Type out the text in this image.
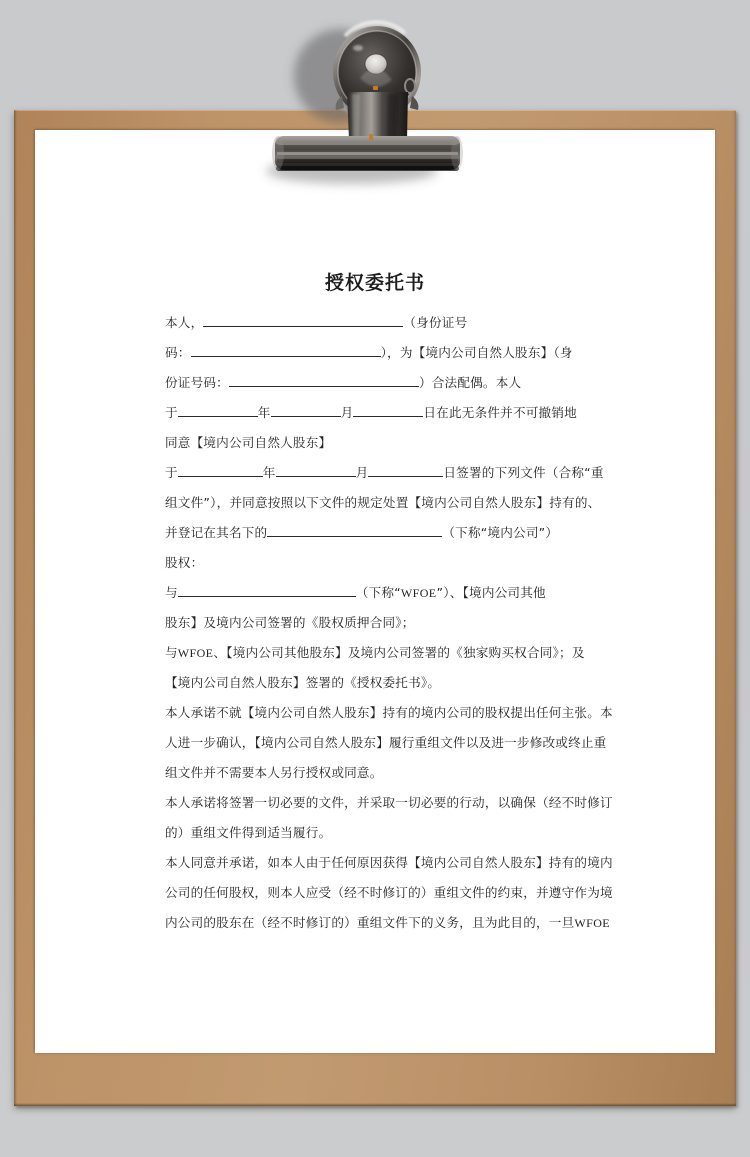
授权委托书
本人，	（身份证号
码：	），为【境内公司自然人股东】（身
份证号码：	）合法配偶。本人
于	年	月	日在此无条件并不可撤销地
同意【境内公司自然人股东】
于	年	月	日签署的下列文件（合称“重
组文件”），并同意按照以下文件的规定处置【境内公司自然人股东】持有的、
并登记在其名下的	（下称“境内公司”）
股权：
与	（下称“WFOE”）、【境内公司其他
股东】及境内公司签署的《股权质押合同》；
与WFOE、【境内公司其他股东】及境内公司签署的《独家购买权合同》；及
【境内公司自然人股东】签署的《授权委托书》。
本人承诺不就【境内公司自然人股东】持有的境内公司的股权提出任何主张。本
人进一步确认，【境内公司自然人股东】履行重组文件以及进一步修改或终止重
组文件并不需要本人另行授权或同意。
本人承诺将签署一切必要的文件，并采取一切必要的行动，以确保（经不时修订
的）重组文件得到适当履行。
本人同意并承诺，如本人由于任何原因获得【境内公司自然人股东】持有的境内
公司的任何股权，则本人应受（经不时修订的）重组文件的约束，并遵守作为境
内公司的股东在（经不时修订的）重组文件下的义务，且为此目的，一旦WFOE
